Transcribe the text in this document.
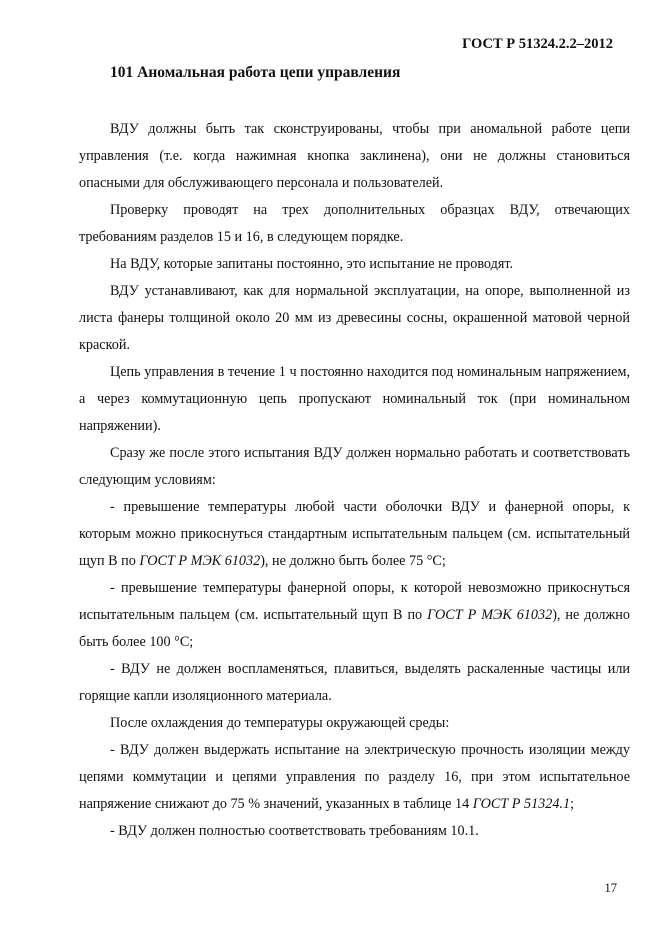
ГОСТ Р 51324.2.2–2012
101 Аномальная работа цепи управления

ВДУ должны быть так сконструированы, чтобы при аномальной работе цепи управления (т.е. когда нажимная кнопка заклинена), они не должны становиться опасными для обслуживающего персонала и пользователей.

Проверку проводят на трех дополнительных образцах ВДУ, отвечающих требованиям разделов 15 и 16, в следующем порядке.

На ВДУ, которые запитаны постоянно, это испытание не проводят.

ВДУ устанавливают, как для нормальной эксплуатации, на опоре, выполненной из листа фанеры толщиной около 20 мм из древесины сосны, окрашенной матовой черной краской.

Цепь управления в течение 1 ч постоянно находится под номинальным напряжением, а через коммутационную цепь пропускают номинальный ток (при номинальном напряжении).

Сразу же после этого испытания ВДУ должен нормально работать и соответствовать следующим условиям:

- превышение температуры любой части оболочки ВДУ и фанерной опоры, к которым можно прикоснуться стандартным испытательным пальцем (см. испытательный щуп B по ГОСТ Р МЭК 61032), не должно быть более 75 °С;

- превышение температуры фанерной опоры, к которой невозможно прикоснуться испытательным пальцем (см. испытательный щуп B по ГОСТ Р МЭК 61032), не должно быть более 100 °С;

- ВДУ не должен воспламеняться, плавиться, выделять раскаленные частицы или горящие капли изоляционного материала.

После охлаждения до температуры окружающей среды:

- ВДУ должен выдержать испытание на электрическую прочность изоляции между цепями коммутации и цепями управления по разделу 16, при этом испытательное напряжение снижают до 75 % значений, указанных в таблице 14 ГОСТ Р 51324.1;

- ВДУ должен полностью соответствовать требованиям 10.1.

17
